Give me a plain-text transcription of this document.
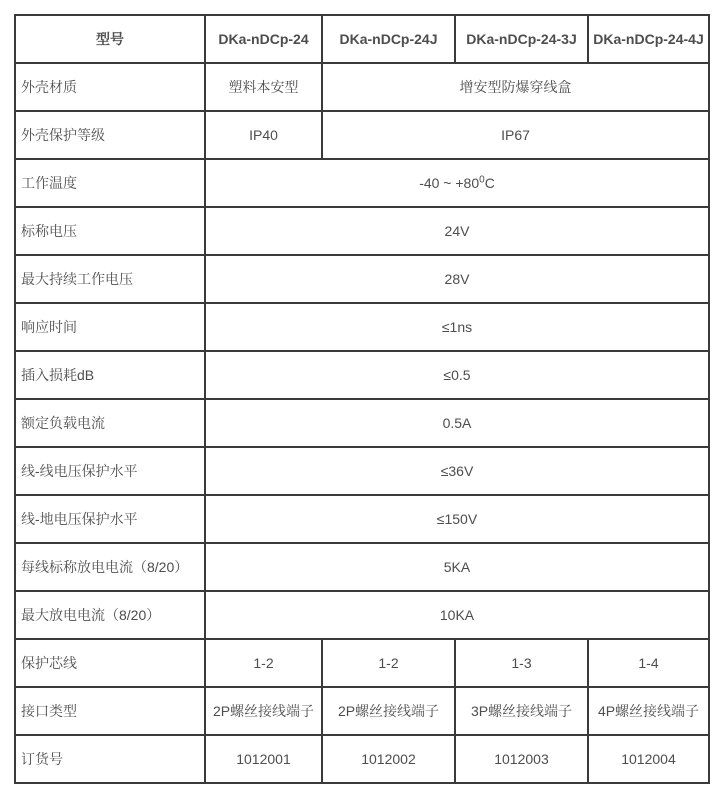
型号	DKa-nDCp-24	DKa-nDCp-24J	DKa-nDCp-24-3J	DKa-nDCp-24-4J
外壳材质	塑料本安型	增安型防爆穿线盒		
外壳保护等级	IP40	IP67		
工作温度	-40 ~ $+80^0C$			
标称电压	24V			
最大持续工作电压	28V			
响应时间	≤1ns			
插入损耗dB	≤0.5			
额定负载电流	0.5A			
线-线电压保护水平	≤36V			
线-地电压保护水平	≤150V			
每线标称放电电流（8/20）	5KA			
最大放电电流（8/20）	10KA			
保护芯线	1-2	1-2	1-3	1-4
接口类型	2P螺丝接线端子	2P螺丝接线端子	3P螺丝接线端子	4P螺丝接线端子
订货号	1012001	1012002	1012003	1012004
